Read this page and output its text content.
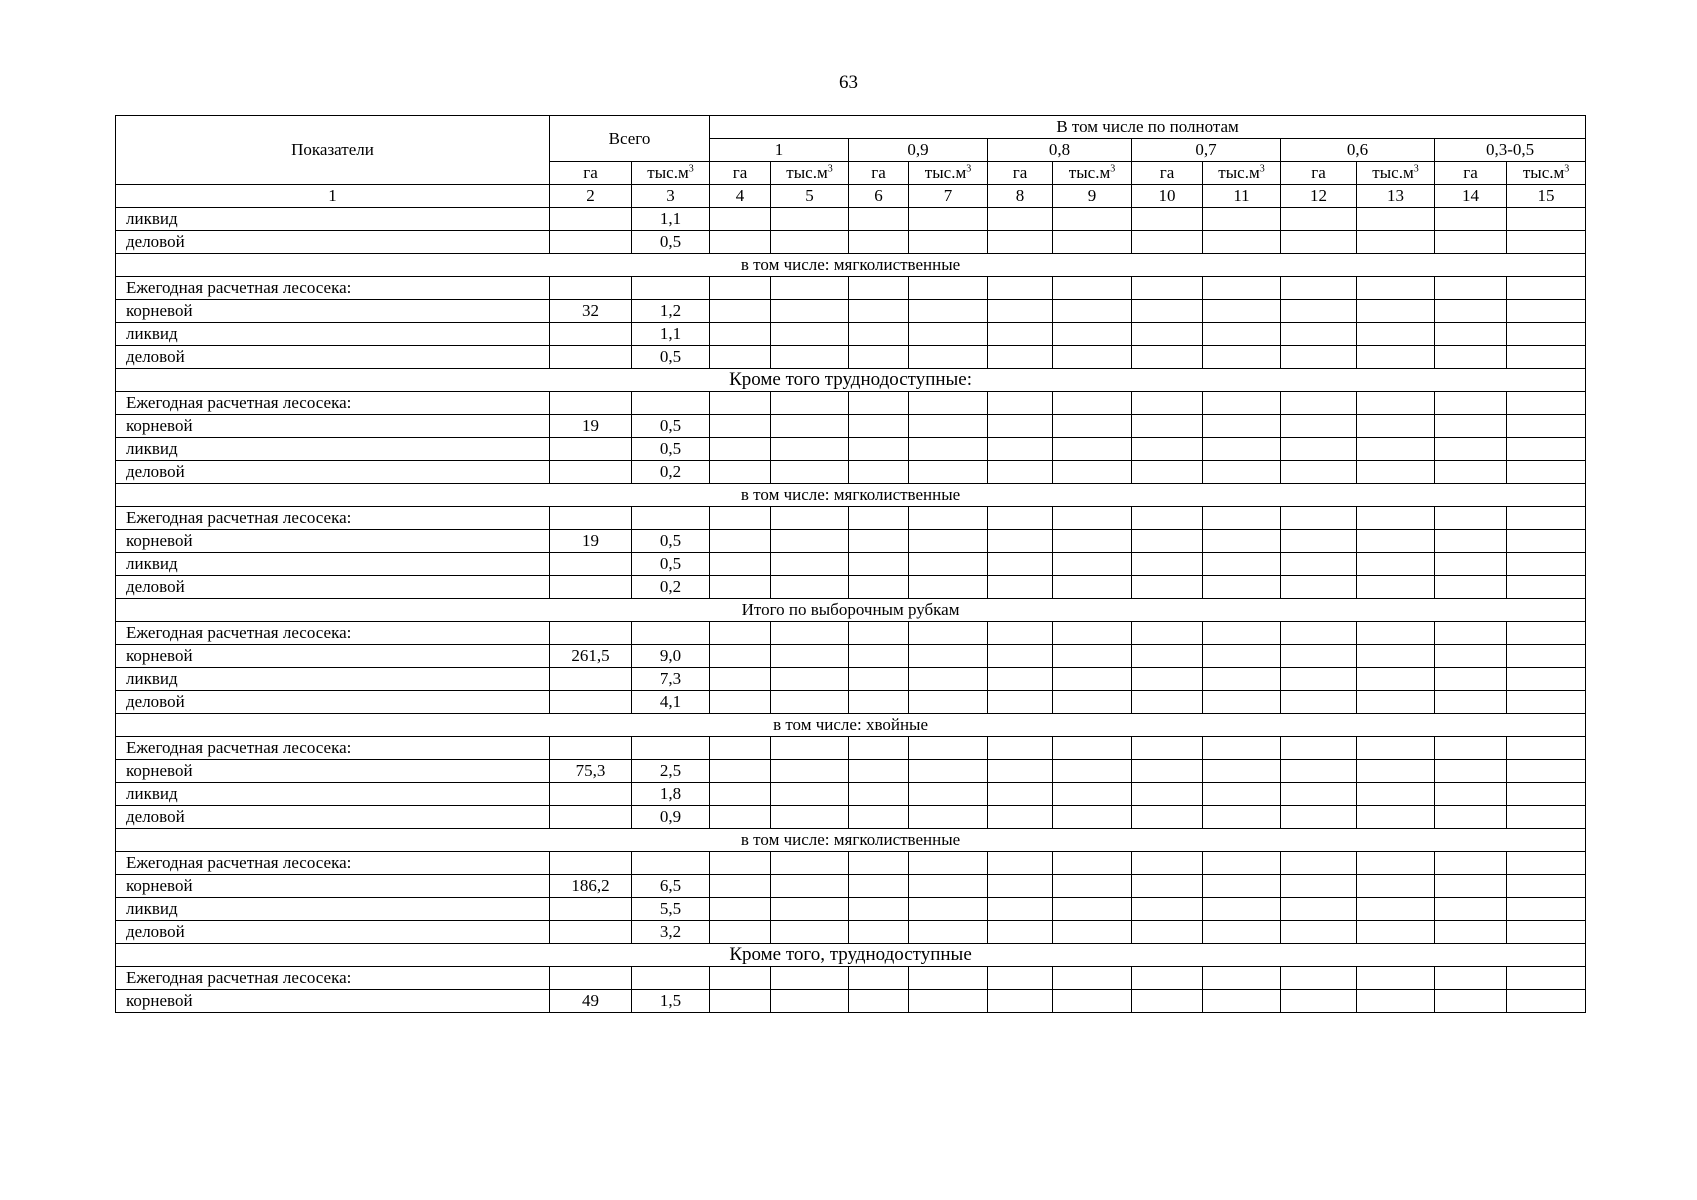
63
Показатели	Всего		В том числе по полнотам											
			1		0,9		0,8		0,7		0,6		0,3-0,5	
	га	$тыс.м^3$	га	$тыс.м^3$	га	$тыс.м^3$	га	$тыс.м^3$	га	$тыс.м^3$	га	$тыс.м^3$	га	$тыс.м^3$
1	2	3	4	5	6	7	8	9	10	11	12	13	14	15
ликвид		1,1												
деловой		0,5												
в том числе: мягколиственные														
Ежегодная расчетная лесосека:														
корневой	32	1,2												
ликвид		1,1												
деловой		0,5												
Кроме того труднодоступные:														
Ежегодная расчетная лесосека:														
корневой	19	0,5												
ликвид		0,5												
деловой		0,2												
в том числе: мягколиственные														
Ежегодная расчетная лесосека:														
корневой	19	0,5												
ликвид		0,5												
деловой		0,2												
Итого по выборочным рубкам														
Ежегодная расчетная лесосека:														
корневой	261,5	9,0												
ликвид		7,3												
деловой		4,1												
в том числе: хвойные														
Ежегодная расчетная лесосека:														
корневой	75,3	2,5												
ликвид		1,8												
деловой		0,9												
в том числе: мягколиственные														
Ежегодная расчетная лесосека:														
корневой	186,2	6,5												
ликвид		5,5												
деловой		3,2												
Кроме того, труднодоступные														
Ежегодная расчетная лесосека:														
корневой	49	1,5												
